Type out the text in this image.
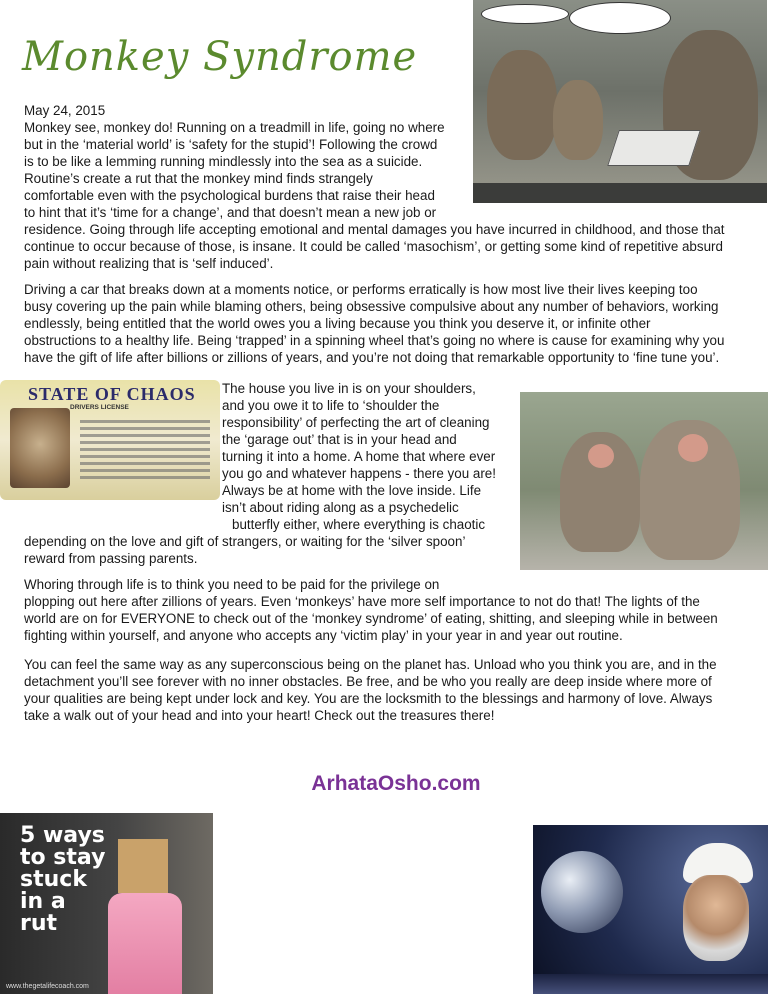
Monkey Syndrome
May 24, 2015
Monkey see, monkey do! Running on a treadmill in life, going no where
but in the ‘material world’ is ‘safety for the stupid’! Following the crowd
is to be like a lemming running mindlessly into the sea as a suicide.
Routine’s create a rut that the monkey mind finds strangely
comfortable even with the psychological burdens that raise their head
to hint that it’s ‘time for a change’, and that doesn’t mean a new job or
residence. Going through life accepting emotional and mental damages you have incurred in childhood, and those that
continue to occur because of those, is insane. It could be called ‘masochism’, or getting some kind of repetitive absurd
pain without realizing that is ‘self induced’.
Driving a car that breaks down at a moments notice, or performs erratically is how most live their lives keeping too
busy covering up the pain while blaming others, being obsessive compulsive about any number of behaviors, working
endlessly, being entitled that the world owes you a living because you think you deserve it, or infinite other
obstructions to a healthy life. Being ‘trapped’ in a spinning wheel that’s going no where is cause for examining why you
have the gift of life after billions or zillions of years, and you’re not doing that remarkable opportunity to ‘fine tune you’.
STATE OF CHAOS
DRIVERS LICENSE
The house you live in is on your shoulders,
and you owe it to life to ‘shoulder the
responsibility’ of perfecting the art of cleaning
the ‘garage out’ that is in your head and
turning it into a home. A home that where ever
you go and whatever happens - there you are!
Always be at home with the love inside. Life
isn’t about riding along as a psychedelic
butterfly either, where everything is chaotic
depending on the love and gift of strangers, or waiting for the ‘silver spoon’
reward from passing parents.
Whoring through life is to think you need to be paid for the privilege on
plopping out here after zillions of years. Even ‘monkeys’ have more self importance to not do that! The lights of the
world are on for EVERYONE to check out of the ‘monkey syndrome’ of eating, shitting, and sleeping while in between
fighting within yourself, and anyone who accepts any ‘victim play’ in your year in and year out routine.
You can feel the same way as any superconscious being on the planet has. Unload who you think you are, and in the
detachment you’ll see forever with no inner obstacles. Be free, and be who you really are deep inside where more of
your qualities are being kept under lock and key. You are the locksmith to the blessings and harmony of love. Always
take a walk out of your head and into your heart! Check out the treasures there!
ArhataOsho.com
5 ways
to stay
stuck
in a
rut
www.thegetalifecoach.com
